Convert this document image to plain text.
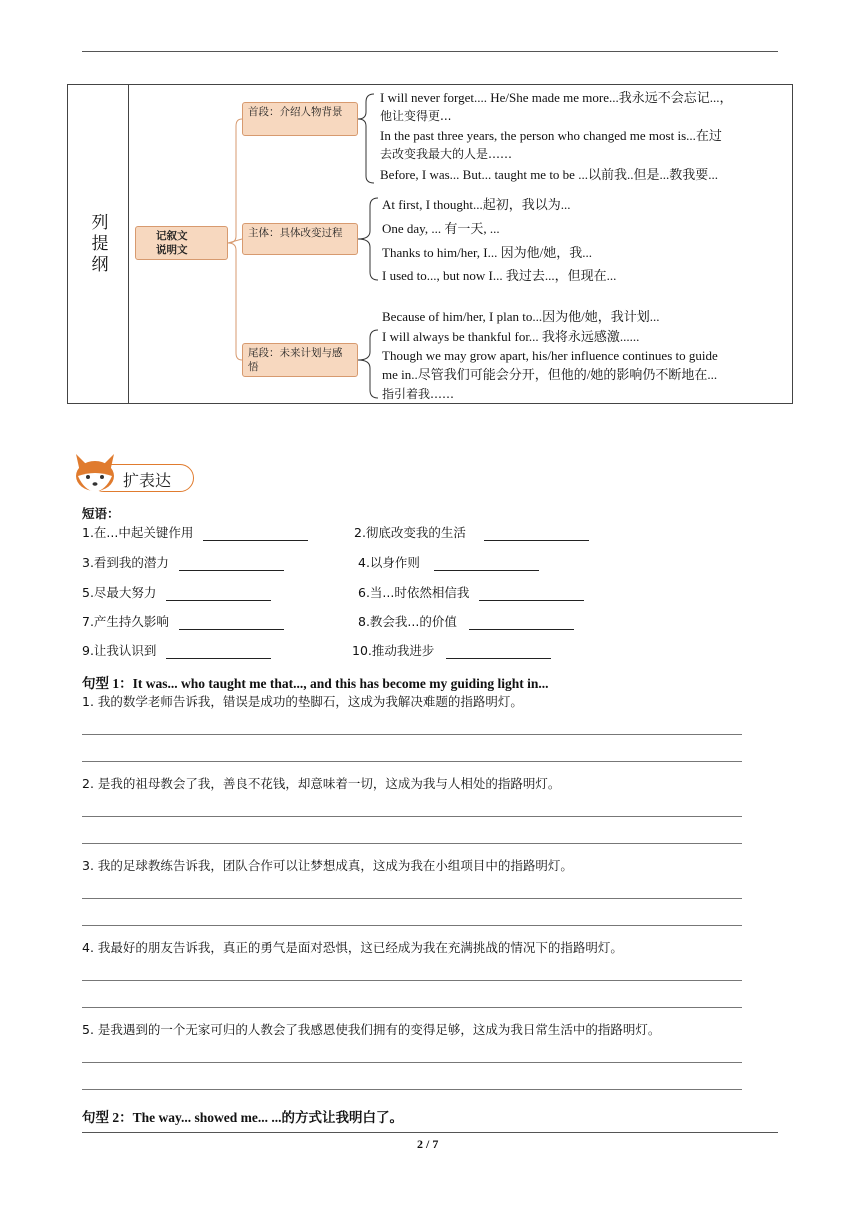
列提纲	记叙文
说明文
首段：介绍人物背景
主体：具体改变过程
尾段：未来计划与感悟
I will never forget.... He/She made me more...我永远不会忘记...，
他让变得更...
In the past three years, the person who changed me most is...在过
去改变我最大的人是……
Before, I was... But... taught me to be ...以前我..但是...教我要...
At first, I thought...起初，我以为...
One day, ... 有一天, ...
Thanks to him/her, I... 因为他/她，我...
I used to..., but now I... 我过去...，但现在...
Because of him/her, I plan to...因为他/她，我计划...
I will always be thankful for... 我将永远感激......
Though we may grow apart, his/her influence continues to guide
me in..尽管我们可能会分开，但他的/她的影响仍不断地在...
指引着我……
扩表达
短语：
1.在...中起关键作用	2.彻底改变我的生活
3.看到我的潜力	4.以身作则
5.尽最大努力	6.当...时依然相信我
7.产生持久影响	8.教会我...的价值
9.让我认识到	10.推动我进步
句型 1：It was... who taught me that..., and this has become my guiding light in...
1. 我的数学老师告诉我，错误是成功的垫脚石，这成为我解决难题的指路明灯。
2. 是我的祖母教会了我，善良不花钱，却意味着一切，这成为我与人相处的指路明灯。
3. 我的足球教练告诉我，团队合作可以让梦想成真，这成为我在小组项目中的指路明灯。
4. 我最好的朋友告诉我，真正的勇气是面对恐惧，这已经成为我在充满挑战的情况下的指路明灯。
5. 是我遇到的一个无家可归的人教会了我感恩使我们拥有的变得足够，这成为我日常生活中的指路明灯。
句型 2：The way... showed me... ...的方式让我明白了。
2 / 7
